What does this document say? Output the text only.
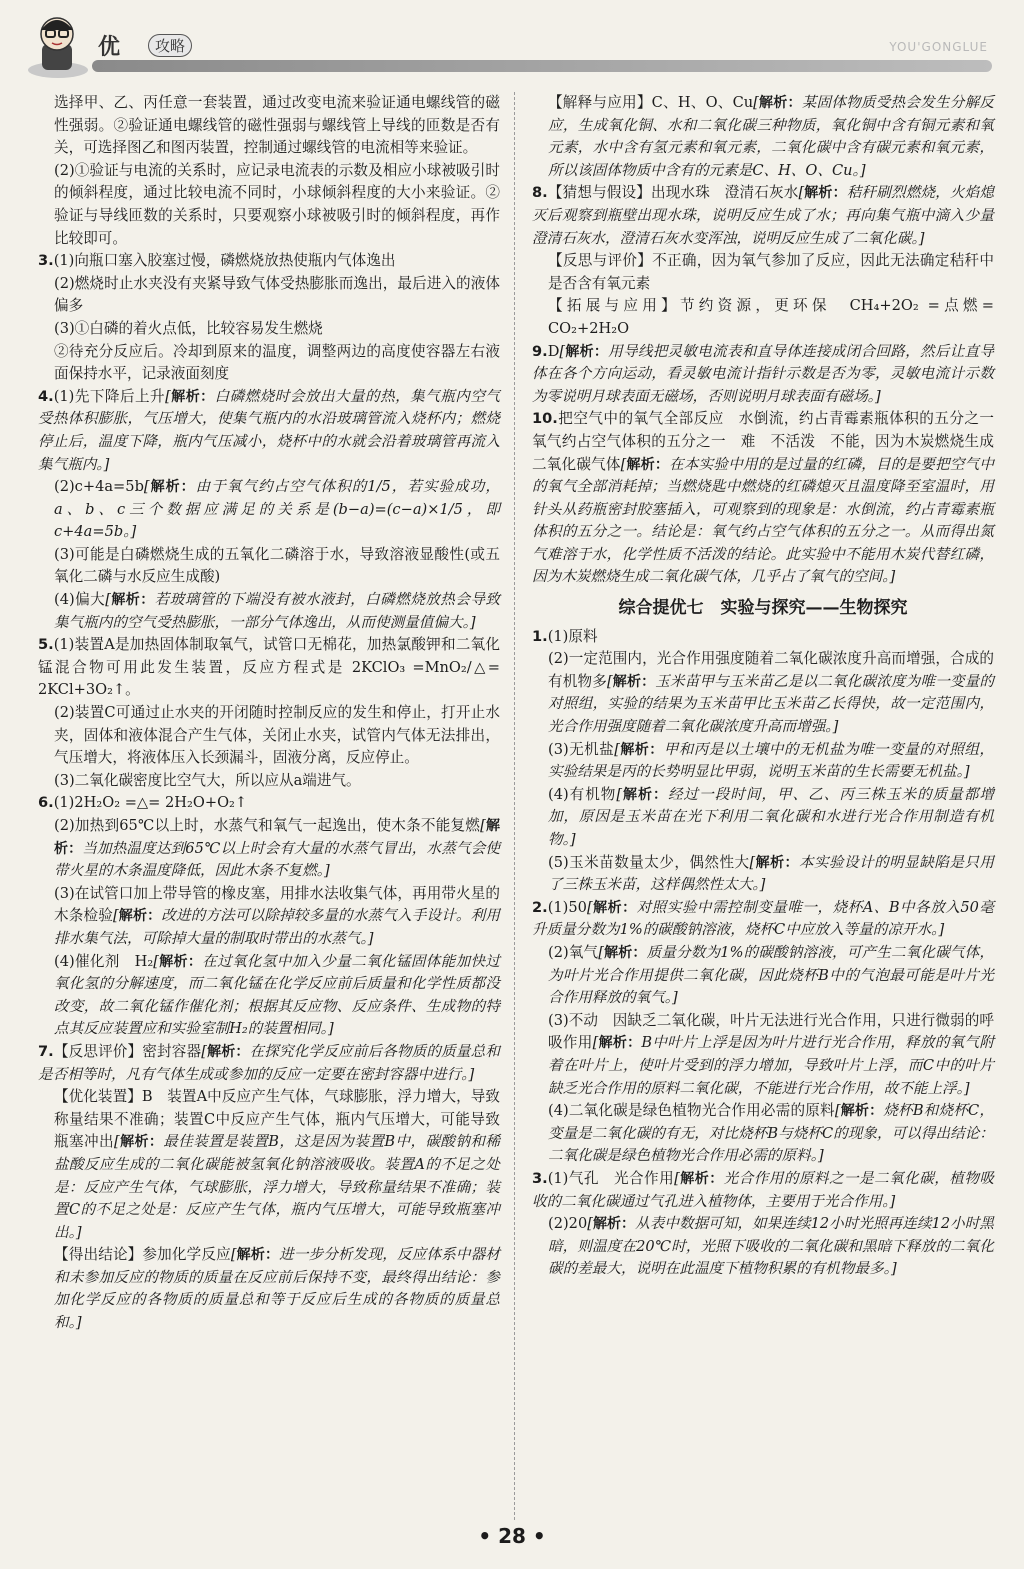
优	攻略	YOU'GONGLUE

选择甲、乙、丙任意一套装置，通过改变电流来验证通电螺线管的磁性强弱。②验证通电螺线管的磁性强弱与螺线管上导线的匝数是否有关，可选择图乙和图丙装置，控制通过螺线管的电流相等来验证。

(2)①验证与电流的关系时，应记录电流表的示数及相应小球被吸引时的倾斜程度，通过比较电流不同时，小球倾斜程度的大小来验证。②验证与导线匝数的关系时，只要观察小球被吸引时的倾斜程度，再作比较即可。

3.(1)向瓶口塞入胶塞过慢，磷燃烧放热使瓶内气体逸出

(2)燃烧时止水夹没有夹紧导致气体受热膨胀而逸出，最后进入的液体偏多

(3)①白磷的着火点低，比较容易发生燃烧

②待充分反应后。冷却到原来的温度，调整两边的高度使容器左右液面保持水平，记录液面刻度

4.(1)先下降后上升[解析：白磷燃烧时会放出大量的热，集气瓶内空气受热体积膨胀，气压增大，使集气瓶内的水沿玻璃管流入烧杯内；燃烧停止后，温度下降，瓶内气压减小，烧杯中的水就会沿着玻璃管再流入集气瓶内。]

(2)c+4a=5b[解析：由于氧气约占空气体积的1/5，若实验成功，a、b、c三个数据应满足的关系是(b−a)=(c−a)×1/5，即c+4a=5b。]

(3)可能是白磷燃烧生成的五氧化二磷溶于水，导致溶液显酸性(或五氧化二磷与水反应生成酸)

(4)偏大[解析：若玻璃管的下端没有被水液封，白磷燃烧放热会导致集气瓶内的空气受热膨胀，一部分气体逸出，从而使测量值偏大。]

5.(1)装置A是加热固体制取氧气，试管口无棉花，加热氯酸钾和二氧化锰混合物可用此发生装置，反应方程式是 2KClO₃ =MnO₂/△= 2KCl+3O₂↑。

(2)装置C可通过止水夹的开闭随时控制反应的发生和停止，打开止水夹，固体和液体混合产生气体，关闭止水夹，试管内气体无法排出，气压增大，将液体压入长颈漏斗，固液分离，反应停止。

(3)二氧化碳密度比空气大，所以应从a端进气。

6.(1)2H₂O₂ =△= 2H₂O+O₂↑

(2)加热到65℃以上时，水蒸气和氧气一起逸出，使木条不能复燃[解析：当加热温度达到65℃以上时会有大量的水蒸气冒出，水蒸气会使带火星的木条温度降低，因此木条不复燃。]

(3)在试管口加上带导管的橡皮塞，用排水法收集气体，再用带火星的木条检验[解析：改进的方法可以除掉较多量的水蒸气入手设计。利用排水集气法，可除掉大量的制取时带出的水蒸气。]

(4)催化剂　H₂[解析：在过氧化氢中加入少量二氧化锰固体能加快过氧化氢的分解速度，而二氧化锰在化学反应前后质量和化学性质都没改变，故二氧化锰作催化剂；根据其反应物、反应条件、生成物的特点其反应装置应和实验室制H₂的装置相同。]

7.【反思评价】密封容器[解析：在探究化学反应前后各物质的质量总和是否相等时，凡有气体生成或参加的反应一定要在密封容器中进行。]

【优化装置】B　装置A中反应产生气体，气球膨胀，浮力增大，导致称量结果不准确；装置C中反应产生气体，瓶内气压增大，可能导致瓶塞冲出[解析：最佳装置是装置B，这是因为装置B中，碳酸钠和稀盐酸反应生成的二氧化碳能被氢氧化钠溶液吸收。装置A的不足之处是：反应产生气体，气球膨胀，浮力增大，导致称量结果不准确；装置C的不足之处是：反应产生气体，瓶内气压增大，可能导致瓶塞冲出。]

【得出结论】参加化学反应[解析：进一步分析发现，反应体系中器材和未参加反应的物质的质量在反应前后保持不变，最终得出结论：参加化学反应的各物质的质量总和等于反应后生成的各物质的质量总和。]

【解释与应用】C、H、O、Cu[解析：某固体物质受热会发生分解反应，生成氧化铜、水和二氧化碳三种物质，氧化铜中含有铜元素和氧元素，水中含有氢元素和氧元素，二氧化碳中含有碳元素和氧元素，所以该固体物质中含有的元素是C、H、O、Cu。]

8.【猜想与假设】出现水珠　澄清石灰水[解析：秸秆刷烈燃烧，火焰熄灭后观察到瓶壁出现水珠，说明反应生成了水；再向集气瓶中滴入少量澄清石灰水，澄清石灰水变浑浊，说明反应生成了二氧化碳。]

【反思与评价】不正确，因为氧气参加了反应，因此无法确定秸秆中是否含有氧元素

【拓展与应用】节约资源，更环保　CH₄+2O₂ =点燃= CO₂+2H₂O

9.D[解析：用导线把灵敏电流表和直导体连接成闭合回路，然后让直导体在各个方向运动，看灵敏电流计指针示数是否为零，灵敏电流计示数为零说明月球表面无磁场，否则说明月球表面有磁场。]

10.把空气中的氧气全部反应　水倒流，约占青霉素瓶体积的五分之一　氧气约占空气体积的五分之一　难　不活泼　不能，因为木炭燃烧生成二氧化碳气体[解析：在本实验中用的是过量的红磷，目的是要把空气中的氧气全部消耗掉；当燃烧匙中燃烧的红磷熄灭且温度降至室温时，用针头从药瓶密封胶塞插入，可观察到的现象是：水倒流，约占青霉素瓶体积的五分之一。结论是：氧气约占空气体积的五分之一。从而得出氮气难溶于水，化学性质不活泼的结论。此实验中不能用木炭代替红磷，因为木炭燃烧生成二氧化碳气体，几乎占了氧气的空间。]

综合提优七　实验与探究——生物探究

1.(1)原料

(2)一定范围内，光合作用强度随着二氧化碳浓度升高而增强，合成的有机物多[解析：玉米苗甲与玉米苗乙是以二氧化碳浓度为唯一变量的对照组，实验的结果为玉米苗甲比玉米苗乙长得快，故一定范围内，光合作用强度随着二氧化碳浓度升高而增强。]

(3)无机盐[解析：甲和丙是以土壤中的无机盐为唯一变量的对照组，实验结果是丙的长势明显比甲弱，说明玉米苗的生长需要无机盐。]

(4)有机物[解析：经过一段时间，甲、乙、丙三株玉米的质量都增加，原因是玉米苗在光下利用二氧化碳和水进行光合作用制造有机物。]

(5)玉米苗数量太少，偶然性大[解析：本实验设计的明显缺陷是只用了三株玉米苗，这样偶然性太大。]

2.(1)50[解析：对照实验中需控制变量唯一，烧杯A、B中各放入50毫升质量分数为1%的碳酸钠溶液，烧杯C中应放入等量的凉开水。]

(2)氧气[解析：质量分数为1%的碳酸钠溶液，可产生二氧化碳气体，为叶片光合作用提供二氧化碳，因此烧杯B中的气泡最可能是叶片光合作用释放的氧气。]

(3)不动　因缺乏二氧化碳，叶片无法进行光合作用，只进行微弱的呼吸作用[解析：B中叶片上浮是因为叶片进行光合作用，释放的氧气附着在叶片上，使叶片受到的浮力增加，导致叶片上浮，而C中的叶片缺乏光合作用的原料二氧化碳，不能进行光合作用，故不能上浮。]

(4)二氧化碳是绿色植物光合作用必需的原料[解析：烧杯B和烧杯C，变量是二氧化碳的有无，对比烧杯B与烧杯C的现象，可以得出结论：二氧化碳是绿色植物光合作用必需的原料。]

3.(1)气孔　光合作用[解析：光合作用的原料之一是二氧化碳，植物吸收的二氧化碳通过气孔进入植物体，主要用于光合作用。]

(2)20[解析：从表中数据可知，如果连续12小时光照再连续12小时黑暗，则温度在20℃时，光照下吸收的二氧化碳和黑暗下释放的二氧化碳的差最大，说明在此温度下植物积累的有机物最多。]

• 28 •
